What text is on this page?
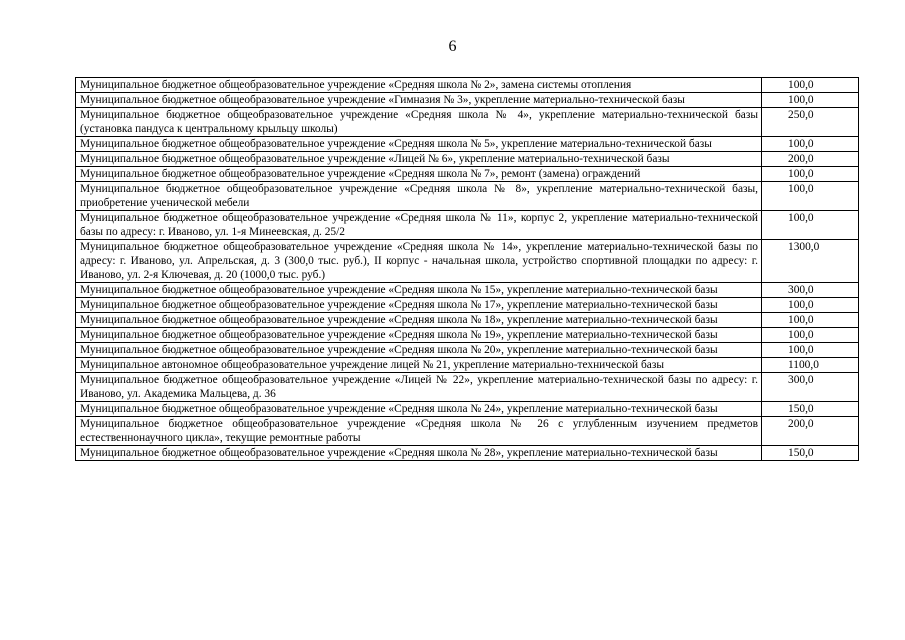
6
Муниципальное бюджетное общеобразовательное учреждение «Средняя школа № 2», замена системы отопления	100,0
Муниципальное бюджетное общеобразовательное учреждение «Гимназия № 3», укрепление материально-технической базы	100,0
Муниципальное бюджетное общеобразовательное учреждение «Средняя школа № 4», укрепление материально-технической базы (установка пандуса к центральному крыльцу школы)	250,0
Муниципальное бюджетное общеобразовательное учреждение «Средняя школа № 5», укрепление материально-технической базы	100,0
Муниципальное бюджетное общеобразовательное учреждение «Лицей № 6», укрепление материально-технической базы	200,0
Муниципальное бюджетное общеобразовательное учреждение «Средняя школа № 7», ремонт (замена) ограждений	100,0
Муниципальное бюджетное общеобразовательное учреждение «Средняя школа № 8», укрепление материально-технической базы, приобретение ученической мебели	100,0
Муниципальное бюджетное общеобразовательное учреждение «Средняя школа № 11», корпус 2, укрепление материально-технической базы по адресу: г. Иваново, ул. 1-я Минеевская, д. 25/2	100,0
Муниципальное бюджетное общеобразовательное учреждение «Средняя школа № 14», укрепление материально-технической базы по адресу: г. Иваново, ул. Апрельская, д. 3 (300,0 тыс. руб.), II корпус - начальная школа, устройство спортивной площадки по адресу: г. Иваново, ул. 2-я Ключевая, д. 20 (1000,0 тыс. руб.)	1300,0
Муниципальное бюджетное общеобразовательное учреждение «Средняя школа № 15», укрепление материально-технической базы	300,0
Муниципальное бюджетное общеобразовательное учреждение «Средняя школа № 17», укрепление материально-технической базы	100,0
Муниципальное бюджетное общеобразовательное учреждение «Средняя школа № 18», укрепление материально-технической базы	100,0
Муниципальное бюджетное общеобразовательное учреждение «Средняя школа № 19», укрепление материально-технической базы	100,0
Муниципальное бюджетное общеобразовательное учреждение «Средняя школа № 20», укрепление материально-технической базы	100,0
Муниципальное автономное общеобразовательное учреждение лицей № 21, укрепление материально-технической базы	1100,0
Муниципальное бюджетное общеобразовательное учреждение «Лицей № 22», укрепление материально-технической базы по адресу: г. Иваново, ул. Академика Мальцева, д. 36	300,0
Муниципальное бюджетное общеобразовательное учреждение «Средняя школа № 24», укрепление материально-технической базы	150,0
Муниципальное бюджетное общеобразовательное учреждение «Средняя школа № 26 с углубленным изучением предметов естественнонаучного цикла», текущие ремонтные работы	200,0
Муниципальное бюджетное общеобразовательное учреждение «Средняя школа № 28», укрепление материально-технической базы	150,0
